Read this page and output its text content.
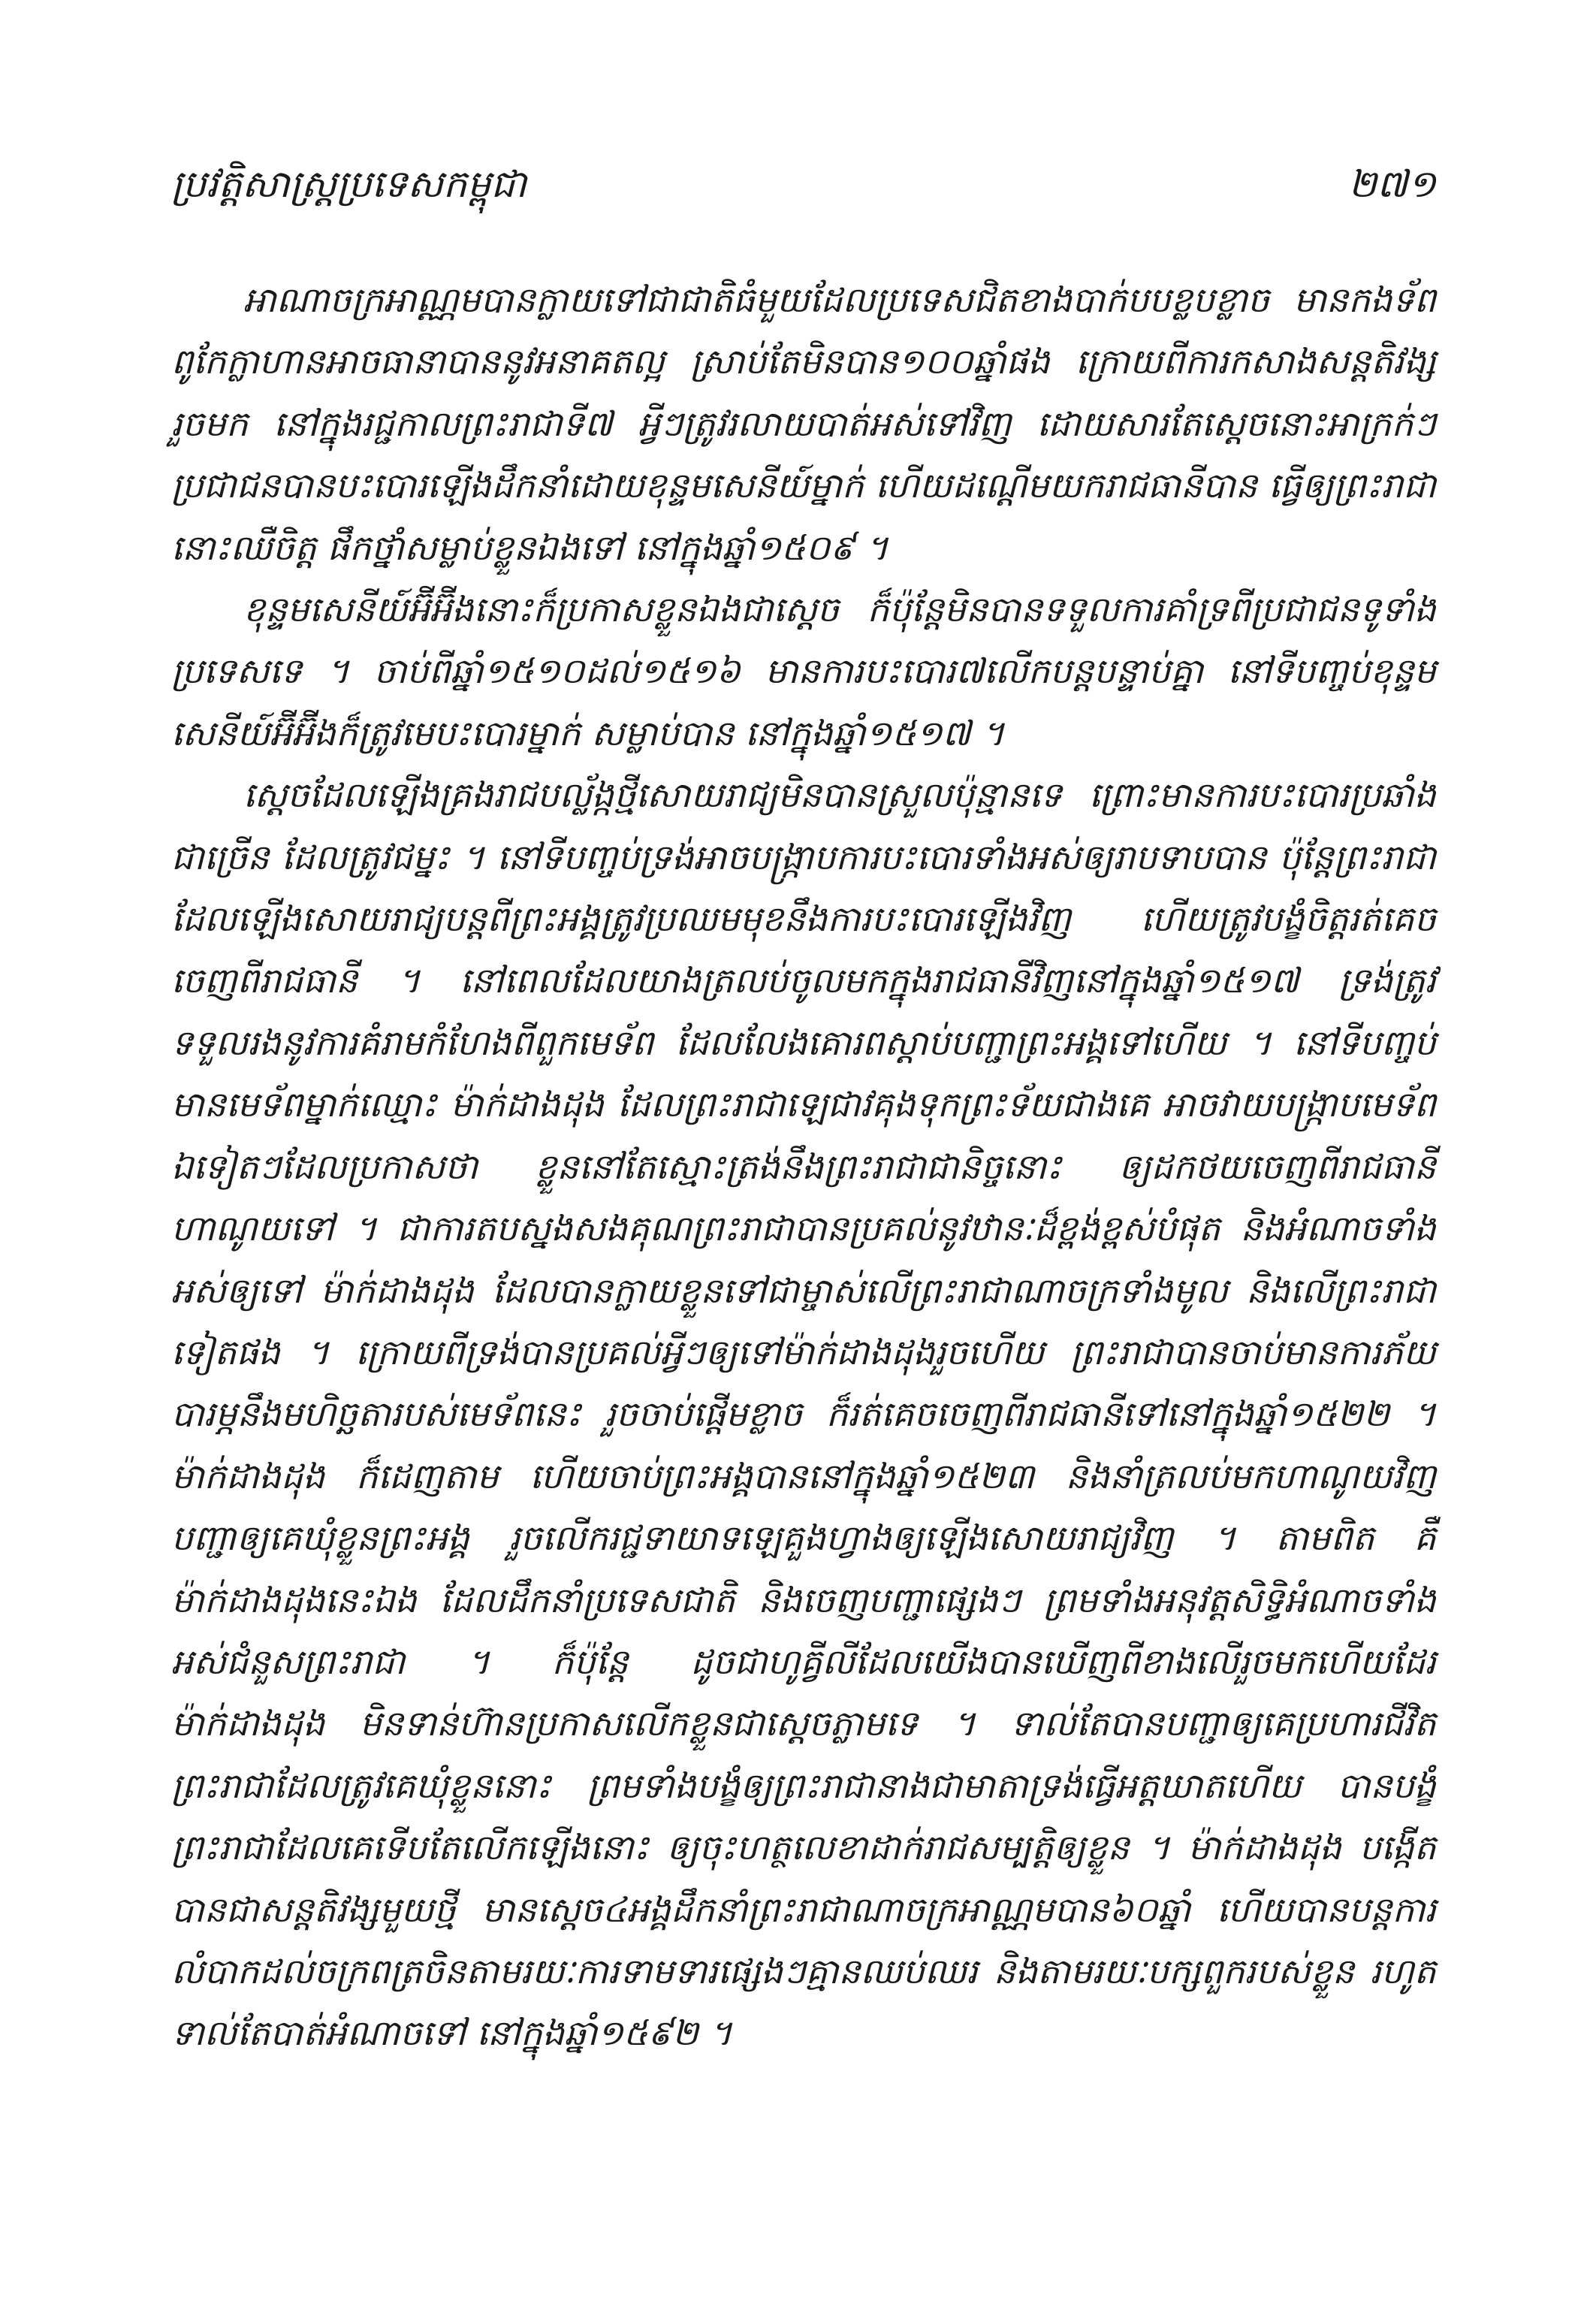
ប្រវត្តិសាស្ត្រប្រទេសកម្ពុជា	២៧១

អាណាចក្រអាណ្ណមបានក្លាយទៅជាជាតិធំមួយដែលប្រទេសជិតខាងបាក់បបខ្លបខ្លាច មានកងទ័ពពូកែក្លាហានអាចធានាបាននូវអនាគតល្អ ស្រាប់តែមិនបាន១០០ឆ្នាំផង ក្រោយពីការកសាងសន្តតិវង្សរួចមក នៅក្នុងរជ្ជកាលព្រះរាជាទី៧ អ្វីៗត្រូវរលាយបាត់អស់ទៅវិញ ដោយសារតែស្តេចនោះអាក្រក់ៗ ប្រជាជនបានបះបោរឡើងដឹកនាំដោយខុន្ទមសេនីយ៍ម្នាក់ ហើយដណ្តើមយករាជធានីបាន ធ្វើឲ្យព្រះរាជានោះឈឺចិត្ត ផឹកថ្នាំសម្លាប់ខ្លួនឯងទៅ នៅក្នុងឆ្នាំ១៥០៩ ។

ខុន្ទមសេនីយ៍អ៊ីអ៊ីងនោះក៏ប្រកាសខ្លួនឯងជាស្តេច ក៏ប៉ុន្តែមិនបានទទួលការគាំទ្រពីប្រជាជនទូទាំងប្រទេសទេ ។ ចាប់ពីឆ្នាំ១៥១០ដល់១៥១៦ មានការបះបោរ៧លើកបន្តបន្ទាប់គ្នា នៅទីបញ្ចប់ខុន្ទមសេនីយ៍អ៊ីអ៊ីងក៏ត្រូវមេបះបោរម្នាក់ សម្លាប់បាន នៅក្នុងឆ្នាំ១៥១៧ ។

ស្តេចដែលឡើងគ្រងរាជបល្ល័ង្កថ្មីសោយរាជ្យមិនបានស្រួលប៉ុន្មានទេ ព្រោះមានការបះបោរប្រឆាំងជាច្រើន ដែលត្រូវជម្នះ ។ នៅទីបញ្ចប់ទ្រង់អាចបង្ក្រាបការបះបោរទាំងអស់ឲ្យរាបទាបបាន ប៉ុន្តែព្រះរាជាដែលឡើងសោយរាជ្យបន្តពីព្រះអង្គត្រូវប្រឈមមុខនឹងការបះបោរឡើងវិញ ហើយត្រូវបង្ខំចិត្តរត់គេចចេញពីរាជធានី ។ នៅពេលដែលយាងត្រលប់ចូលមកក្នុងរាជធានីវិញនៅក្នុងឆ្នាំ១៥១៧ ទ្រង់ត្រូវទទួលរងនូវការគំរាមកំហែងពីពួកមេទ័ព ដែលលែងគោរពស្តាប់បញ្ជាព្រះអង្គទៅហើយ ។ នៅទីបញ្ចប់មានមេទ័ពម្នាក់ឈ្មោះ ម៉ាក់ដាងដុង ដែលព្រះរាជាឡេជាវគុងទុកព្រះទ័យជាងគេ អាចវាយបង្ក្រាបមេទ័ពឯទៀតៗដែលប្រកាសថា ខ្លួននៅតែស្មោះត្រង់នឹងព្រះរាជាជានិច្ចនោះ ឲ្យដកថយចេញពីរាជធានីហាណូយទៅ ។ ជាការតបស្នងសងគុណព្រះរាជាបានប្រគល់នូវឋានៈដ៏ខ្ពង់ខ្ពស់បំផុត និងអំណាចទាំងអស់ឲ្យទៅ ម៉ាក់ដាងដុង ដែលបានក្លាយខ្លួនទៅជាម្ចាស់លើព្រះរាជាណាចក្រទាំងមូល និងលើព្រះរាជាទៀតផង ។ ក្រោយពីទ្រង់បានប្រគល់អ្វីៗឲ្យទៅម៉ាក់ដាងដុងរួចហើយ ព្រះរាជាបានចាប់មានការភ័យបារម្ភនឹងមហិច្ឆតារបស់មេទ័ពនេះ រួចចាប់ផ្តើមខ្លាច ក៏រត់គេចចេញពីរាជធានីទៅនៅក្នុងឆ្នាំ១៥២២ ។ ម៉ាក់ដាងដុង ក៏ដេញតាម ហើយចាប់ព្រះអង្គបាននៅក្នុងឆ្នាំ១៥២៣ និងនាំត្រលប់មកហាណូយវិញ បញ្ជាឲ្យគេឃុំខ្លួនព្រះអង្គ រួចលើករជ្ជទាយាទឡេគួងហ្វាងឲ្យឡើងសោយរាជ្យវិញ ។ តាមពិត គឺម៉ាក់ដាងដុងនេះឯង ដែលដឹកនាំប្រទេសជាតិ និងចេញបញ្ជាផ្សេងៗ ព្រមទាំងអនុវត្តសិទ្ធិអំណាចទាំងអស់ជំនួសព្រះរាជា ។ ក៏ប៉ុន្តែ ដូចជាហូគ្វីលីដែលយើងបានឃើញពីខាងលើរួចមកហើយដែរ ម៉ាក់ដាងដុង មិនទាន់ហ៊ានប្រកាសលើកខ្លួនជាស្តេចភ្លាមទេ ។ ទាល់តែបានបញ្ជាឲ្យគេប្រហារជីវិតព្រះរាជាដែលត្រូវគេឃុំខ្លួននោះ ព្រមទាំងបង្ខំឲ្យព្រះរាជានាងជាមាតាទ្រង់ធ្វើអត្តឃាតហើយ បានបង្ខំព្រះរាជាដែលគេទើបតែលើកឡើងនោះ ឲ្យចុះហត្ថលេខាដាក់រាជសម្បត្តិឲ្យខ្លួន ។ ម៉ាក់ដាងដុង បង្កើតបានជាសន្តតិវង្សមួយថ្មី មានស្តេច៤អង្គដឹកនាំព្រះរាជាណាចក្រអាណ្ណមបាន៦០ឆ្នាំ ហើយបានបន្តការលំបាកដល់ចក្រពត្រចិនតាមរយៈការទាមទារផ្សេងៗគ្មានឈប់ឈរ និងតាមរយៈបក្សពួករបស់ខ្លួន រហូតទាល់តែបាត់អំណាចទៅ នៅក្នុងឆ្នាំ១៥៩២ ។
